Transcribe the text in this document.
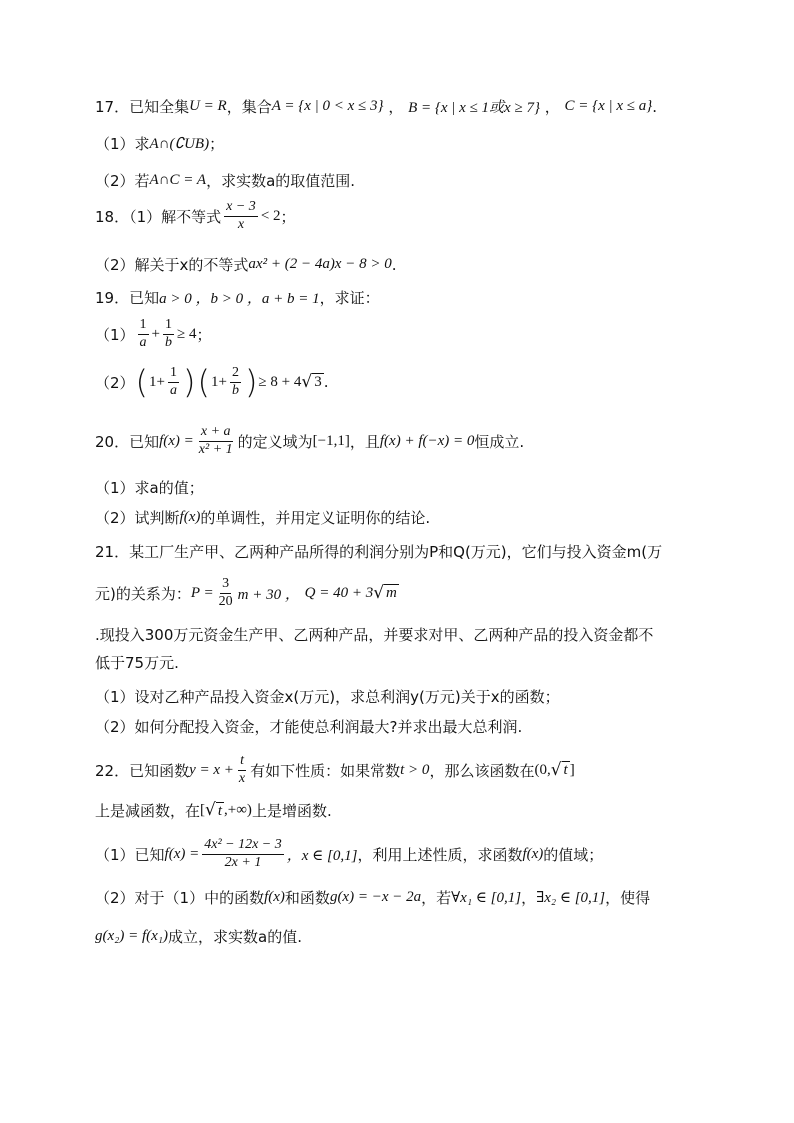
17．已知全集 U = R ，集合 A = {x | 0 < x ≤ 3} ， B = {x | x ≤ 1或x ≥ 7} ， C = {x | x ≤ a} .
（1）求 A∩(∁UB) ；
（2）若 A∩C = A ，求实数a的取值范围.
18．（1）解不等式 $\frac{x - 3}{x} < 2$ ；
（2）解关于x的不等式 ax² + (2 − 4a)x − 8 > 0 .
19．已知 a > 0 ，b > 0 ，a + b = 1 ，求证：
$(1) \frac{1}{a} + \frac{1}{b} \ge 4$ ；
（2） ( $1+ \frac{1}{a}$ ) ( $1+ \frac{2}{b}$ ) ≥ 8 + 4 √ 3 .
20．已知 $f(x) = \frac{x + a}{\text{x² + 1}}$ 的定义域为 [−1,1] ，且 f(x) + f(−x) = 0 恒成立.
（1）求a的值；
（2）试判断 f(x) 的单调性，并用定义证明你的结论.
21．某工厂生产甲、乙两种产品所得的利润分别为P和Q(万元)，它们与投入资金m(万
元)的关系为： $P = \frac{3}{20}$ m + 30 ，
Q = 40 + 3 √ m
.现投入300万元资金生产甲、乙两种产品，并要求对甲、乙两种产品的投入资金都不
低于75万元.
（1）设对乙种产品投入资金x(万元)，求总利润y(万元)关于x的函数；
（2）如何分配投入资金，才能使总利润最大?并求出最大总利润.
22．已知函数 $y = x + \frac{t}{x}$ 有如下性质：如果常数 t > 0 ，那么该函数在 (0, √ t ]
上是减函数，在 [ √ t ,+∞) 上是增函数.
（1）已知 $f(x) = \frac{\text{4x² − 12x − 3}}{2x + 1}$ ，x ∈ [0,1] ，利用上述性质，求函数 f(x) 的值域；
（2）对于（1）中的函数 f(x) 和函数 g(x) = −x − 2a ，若 ∀x₁ ∈ [0,1] ， ∃x₂ ∈ [0,1] ，使得
g(x₂) = f(x₁) 成立，求实数a的值.
